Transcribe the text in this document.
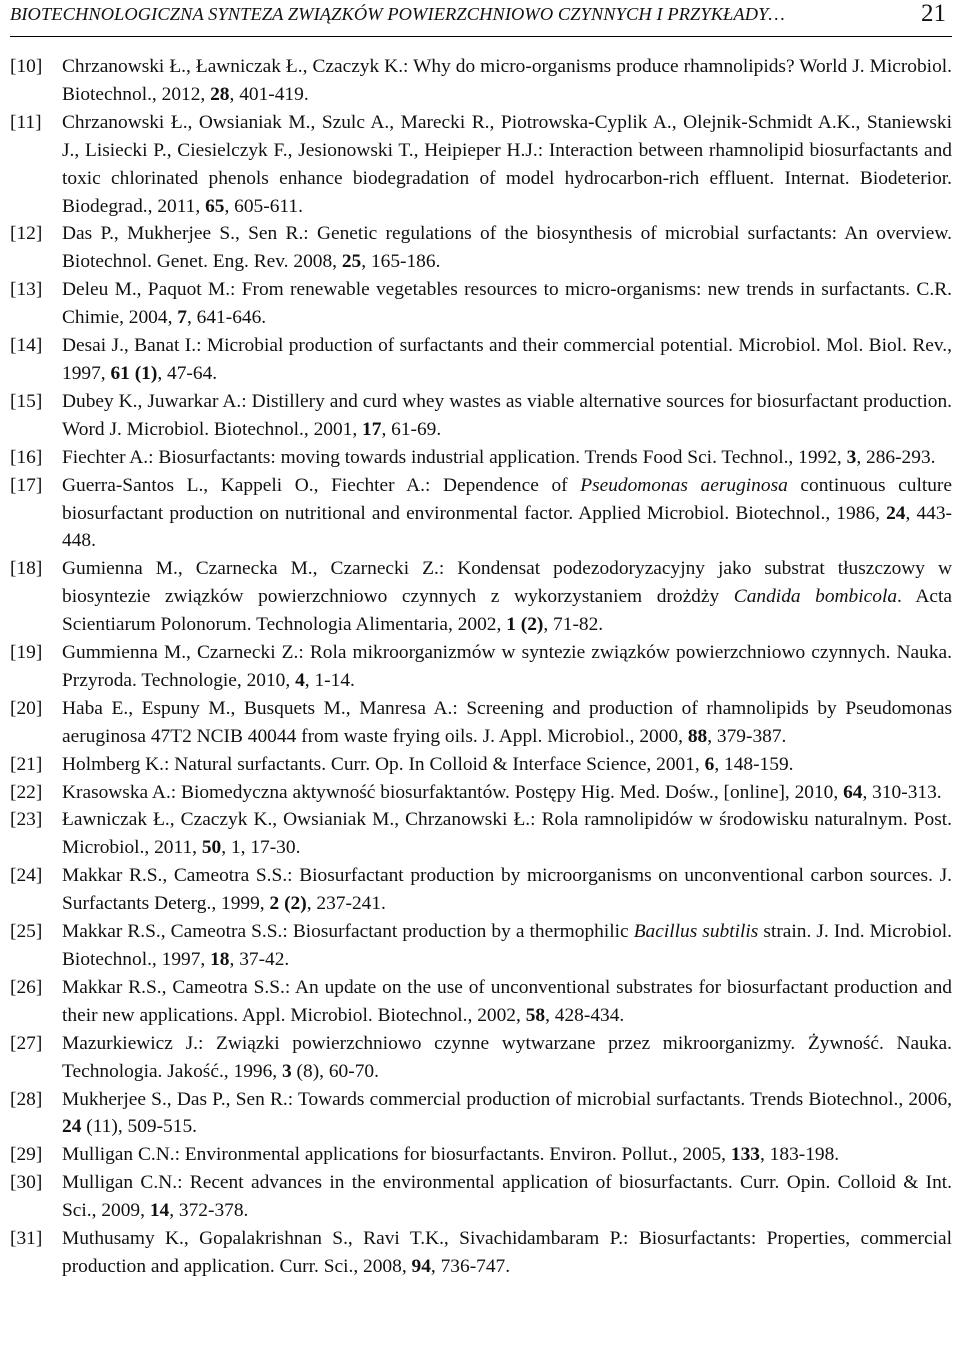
BIOTECHNOLOGICZNA SYNTEZA ZWIĄZKÓW POWIERZCHNIOWO CZYNNYCH I PRZYKŁADY…	21

[10] Chrzanowski Ł., Ławniczak Ł., Czaczyk K.: Why do micro-organisms produce rhamnolipids? World J. Microbiol. Biotechnol., 2012, 28, 401-419.

[11] Chrzanowski Ł., Owsianiak M., Szulc A., Marecki R., Piotrowska-Cyplik A., Olejnik-Schmidt A.K., Staniewski J., Lisiecki P., Ciesielczyk F., Jesionowski T., Heipieper H.J.: Interaction between rhamnolipid biosurfactants and toxic chlorinated phenols enhance biodegradation of model hydrocarbon-rich effluent. Internat. Biodeterior. Biodegrad., 2011, 65, 605-611.

[12] Das P., Mukherjee S., Sen R.: Genetic regulations of the biosynthesis of microbial surfactants: An overview. Biotechnol. Genet. Eng. Rev. 2008, 25, 165-186.

[13] Deleu M., Paquot M.: From renewable vegetables resources to micro-organisms: new trends in surfactants. C.R. Chimie, 2004, 7, 641-646.

[14] Desai J., Banat I.: Microbial production of surfactants and their commercial potential. Microbiol. Mol. Biol. Rev., 1997, 61 (1), 47-64.

[15] Dubey K., Juwarkar A.: Distillery and curd whey wastes as viable alternative sources for biosurfactant production. Word J. Microbiol. Biotechnol., 2001, 17, 61-69.

[16] Fiechter A.: Biosurfactants: moving towards industrial application. Trends Food Sci. Technol., 1992, 3, 286-293.

[17] Guerra-Santos L., Kappeli O., Fiechter A.: Dependence of Pseudomonas aeruginosa continuous culture biosurfactant production on nutritional and environmental factor. Applied Microbiol. Biotechnol., 1986, 24, 443-448.

[18] Gumienna M., Czarnecka M., Czarnecki Z.: Kondensat podezodoryzacyjny jako substrat tłuszczowy w biosyntezie związków powierzchniowo czynnych z wykorzystaniem drożdży Candida bombicola. Acta Scientiarum Polonorum. Technologia Alimentaria, 2002, 1 (2), 71-82.

[19] Gummienna M., Czarnecki Z.: Rola mikroorganizmów w syntezie związków powierzchniowo czynnych. Nauka. Przyroda. Technologie, 2010, 4, 1-14.

[20] Haba E., Espuny M., Busquets M., Manresa A.: Screening and production of rhamnolipids by Pseudomonas aeruginosa 47T2 NCIB 40044 from waste frying oils. J. Appl. Microbiol., 2000, 88, 379-387.

[21] Holmberg K.: Natural surfactants. Curr. Op. In Colloid & Interface Science, 2001, 6, 148-159.

[22] Krasowska A.: Biomedyczna aktywność biosurfaktantów. Postępy Hig. Med. Dośw., [online], 2010, 64, 310-313.

[23] Ławniczak Ł., Czaczyk K., Owsianiak M., Chrzanowski Ł.: Rola ramnolipidów w środowisku naturalnym. Post. Microbiol., 2011, 50, 1, 17-30.

[24] Makkar R.S., Cameotra S.S.: Biosurfactant production by microorganisms on unconventional carbon sources. J. Surfactants Deterg., 1999, 2 (2), 237-241.

[25] Makkar R.S., Cameotra S.S.: Biosurfactant production by a thermophilic Bacillus subtilis strain. J. Ind. Microbiol. Biotechnol., 1997, 18, 37-42.

[26] Makkar R.S., Cameotra S.S.: An update on the use of unconventional substrates for biosurfactant production and their new applications. Appl. Microbiol. Biotechnol., 2002, 58, 428-434.

[27] Mazurkiewicz J.: Związki powierzchniowo czynne wytwarzane przez mikroorganizmy. Żywność. Nauka. Technologia. Jakość., 1996, 3 (8), 60-70.

[28] Mukherjee S., Das P., Sen R.: Towards commercial production of microbial surfactants. Trends Biotechnol., 2006, 24 (11), 509-515.

[29] Mulligan C.N.: Environmental applications for biosurfactants. Environ. Pollut., 2005, 133, 183-198.

[30] Mulligan C.N.: Recent advances in the environmental application of biosurfactants. Curr. Opin. Colloid & Int. Sci., 2009, 14, 372-378.

[31] Muthusamy K., Gopalakrishnan S., Ravi T.K., Sivachidambaram P.: Biosurfactants: Properties, commercial production and application. Curr. Sci., 2008, 94, 736-747.
